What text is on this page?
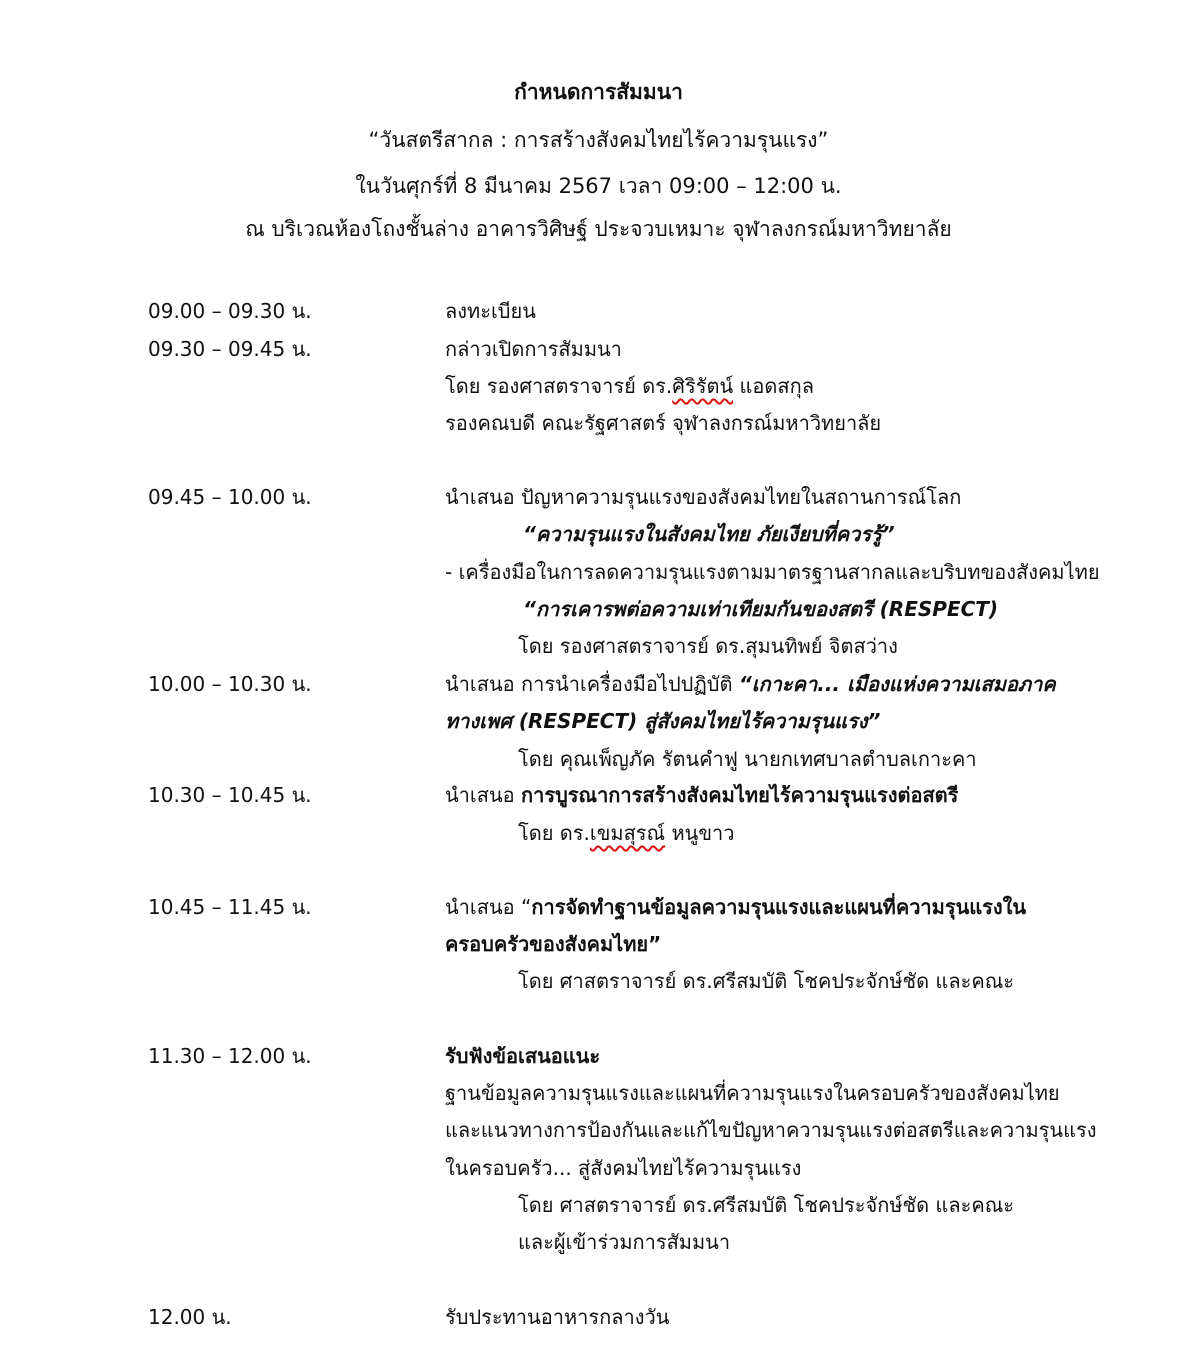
กำหนดการสัมมนา
“วันสตรีสากล : การสร้างสังคมไทยไร้ความรุนแรง”
ในวันศุกร์ที่ 8 มีนาคม 2567 เวลา 09:00 – 12:00 น.
ณ บริเวณห้องโถงชั้นล่าง อาคารวิศิษฐ์ ประจวบเหมาะ จุฬาลงกรณ์มหาวิทยาลัย
09.00 – 09.30 น.	ลงทะเบียน
09.30 – 09.45 น.	กล่าวเปิดการสัมมนา
โดย รองศาสตราจารย์ ดร.ศิริรัตน์ แอดสกุล
รองคณบดี คณะรัฐศาสตร์ จุฬาลงกรณ์มหาวิทยาลัย
09.45 – 10.00 น.	นำเสนอ ปัญหาความรุนแรงของสังคมไทยในสถานการณ์โลก
“ความรุนแรงในสังคมไทย ภัยเงียบที่ควรรู้”
- เครื่องมือในการลดความรุนแรงตามมาตรฐานสากลและบริบทของสังคมไทย
“การเคารพต่อความเท่าเทียมกันของสตรี (RESPECT)
โดย รองศาสตราจารย์ ดร.สุมนทิพย์ จิตสว่าง
10.00 – 10.30 น.	นำเสนอ การนำเครื่องมือไปปฏิบัติ “เกาะคา... เมืองแห่งความเสมอภาค
ทางเพศ (RESPECT) สู่สังคมไทยไร้ความรุนแรง”
โดย คุณเพ็ญภัค รัตนคำฟู นายกเทศบาลตำบลเกาะคา
10.30 – 10.45 น.	นำเสนอ การบูรณาการสร้างสังคมไทยไร้ความรุนแรงต่อสตรี
โดย ดร.เขมสุรณ์ หนูขาว
10.45 – 11.45 น.	นำเสนอ “การจัดทำฐานข้อมูลความรุนแรงและแผนที่ความรุนแรงใน
ครอบครัวของสังคมไทย”
โดย ศาสตราจารย์ ดร.ศรีสมบัติ โชคประจักษ์ชัด และคณะ
11.30 – 12.00 น.	รับฟังข้อเสนอแนะ
ฐานข้อมูลความรุนแรงและแผนที่ความรุนแรงในครอบครัวของสังคมไทย
และแนวทางการป้องกันและแก้ไขปัญหาความรุนแรงต่อสตรีและความรุนแรง
ในครอบครัว... สู่สังคมไทยไร้ความรุนแรง
โดย ศาสตราจารย์ ดร.ศรีสมบัติ โชคประจักษ์ชัด และคณะ
และผู้เข้าร่วมการสัมมนา
12.00 น.	รับประทานอาหารกลางวัน
